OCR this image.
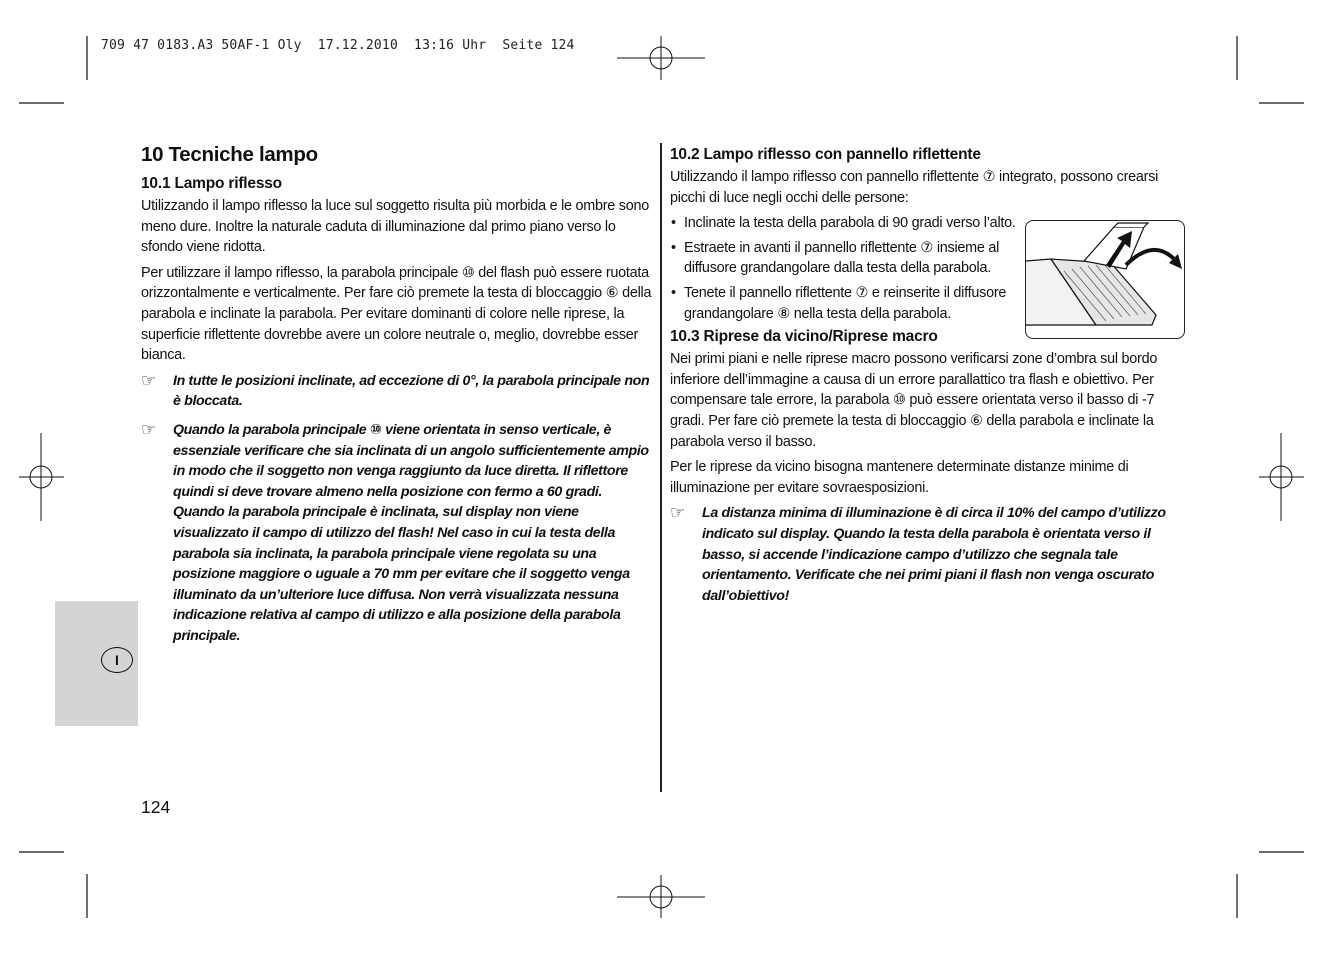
709 47 0183.A3 50AF-1 Oly  17.12.2010  13:16 Uhr  Seite 124
I
10 Tecniche lampo
10.1 Lampo riflesso

Utilizzando il lampo riflesso la luce sul soggetto risulta più morbida e le ombre sono meno dure. Inoltre la naturale caduta di illuminazione dal primo piano verso lo sfondo viene ridotta.

Per utilizzare il lampo riflesso, la parabola principale ⑩ del flash può essere ruotata orizzontalmente e verticalmente. Per fare ciò premete la testa di bloccaggio ⑥ della parabola e inclinate la parabola. Per evitare dominanti di colore nelle riprese, la superficie riflettente dovrebbe avere un colore neutrale o, meglio, dovrebbe esser bianca.

☞	In tutte le posizioni inclinate, ad eccezione di 0°, la parabola principale non è bloccata.
☞	Quando la parabola principale ⑩ viene orientata in senso verticale, è essenziale verificare che sia inclinata di un angolo sufficientemente ampio in modo che il soggetto non venga raggiunto da luce diretta. Il riflettore quindi si deve trovare almeno nella posizione con fermo a 60 gradi. Quando la parabola principale è inclinata, sul display non viene visualizzato il campo di utilizzo del flash! Nel caso in cui la testa della parabola sia inclinata, la parabola principale viene regolata su una posizione maggiore o uguale a 70 mm per evitare che il soggetto venga illuminato da un’ulteriore luce diffusa. Non verrà visualizzata nessuna indicazione relativa al campo di utilizzo e alla posizione della parabola principale.
10.2 Lampo riflesso con pannello riflettente

Utilizzando il lampo riflesso con pannello riflettente ⑦ integrato, possono crearsi picchi di luce negli occhi delle persone:

• Inclinate la testa della parabola di 90 gradi verso l’alto.
• Estraete in avanti il pannello riflettente ⑦ insieme al diffusore grandangolare dalla testa della parabola.
• Tenete il pannello riflettente ⑦ e reinserite il diffusore grandangolare ⑧ nella testa della parabola.
10.3 Riprese da vicino/Riprese macro

Nei primi piani e nelle riprese macro possono verificarsi zone d’ombra sul bordo inferiore dell’immagine a causa di un errore parallattico tra flash e obiettivo. Per compensare tale errore, la parabola ⑩ può essere orientata verso il basso di -7 gradi. Per fare ciò premete la testa di bloccaggio ⑥ della parabola e inclinate la parabola verso il basso.

Per le riprese da vicino bisogna mantenere determinate distanze minime di illuminazione per evitare sovraesposizioni.

☞	La distanza minima di illuminazione è di circa il 10% del campo d’utilizzo indicato sul display. Quando la testa della parabola è orientata verso il basso, si accende l’indicazione campo d’utilizzo che segnala tale orientamento. Verificate che nei primi piani il flash non venga oscurato dall’obiettivo!
124
